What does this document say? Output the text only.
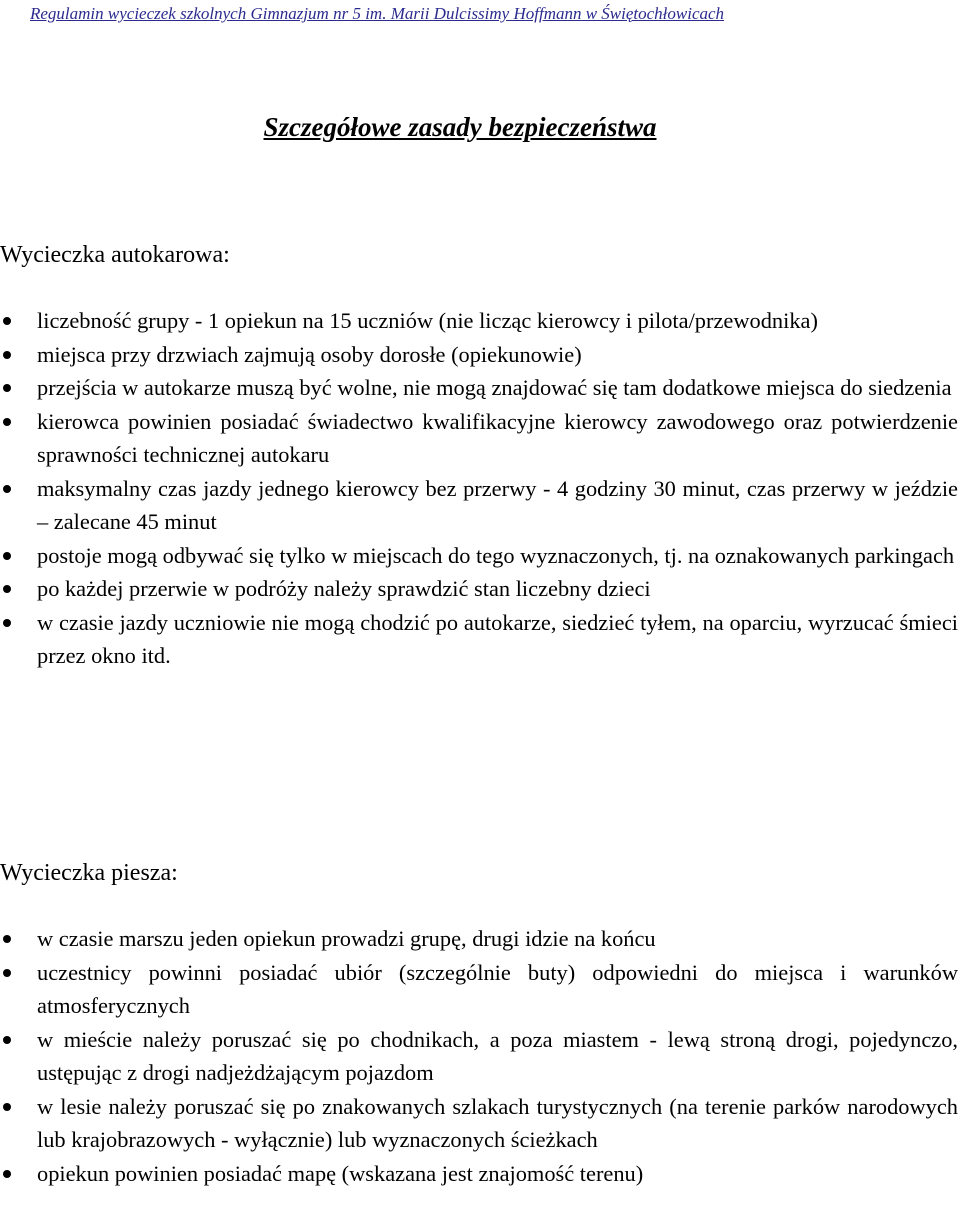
Regulamin wycieczek szkolnych Gimnazjum nr 5 im. Marii Dulcissimy Hoffmann w Świętochłowicach
Szczegółowe zasady bezpieczeństwa
Wycieczka autokarowa:
liczebność grupy - 1 opiekun na 15 uczniów (nie licząc kierowcy i pilota/przewodnika)
miejsca przy drzwiach zajmują osoby dorosłe (opiekunowie)
przejścia w autokarze muszą być wolne, nie mogą znajdować się tam dodatkowe miejsca do siedzenia
kierowca powinien posiadać świadectwo kwalifikacyjne kierowcy zawodowego oraz potwierdzenie sprawności technicznej autokaru
maksymalny czas jazdy jednego kierowcy bez przerwy - 4 godziny 30 minut, czas przerwy w jeździe – zalecane 45 minut
postoje mogą odbywać się tylko w miejscach do tego wyznaczonych, tj. na oznakowanych parkingach
po każdej przerwie w podróży należy sprawdzić stan liczebny dzieci
w czasie jazdy uczniowie nie mogą chodzić po autokarze, siedzieć tyłem, na oparciu, wyrzucać śmieci przez okno itd.
Wycieczka piesza:
w czasie marszu jeden opiekun prowadzi grupę, drugi idzie na końcu
uczestnicy powinni posiadać ubiór (szczególnie buty) odpowiedni do miejsca i warunków atmosferycznych
w mieście należy poruszać się po chodnikach, a poza miastem - lewą stroną drogi, pojedynczo, ustępując z drogi nadjeżdżającym pojazdom
w lesie należy poruszać się po znakowanych szlakach turystycznych (na terenie parków narodowych lub krajobrazowych - wyłącznie) lub wyznaczonych ścieżkach
opiekun powinien posiadać mapę (wskazana jest znajomość terenu)
